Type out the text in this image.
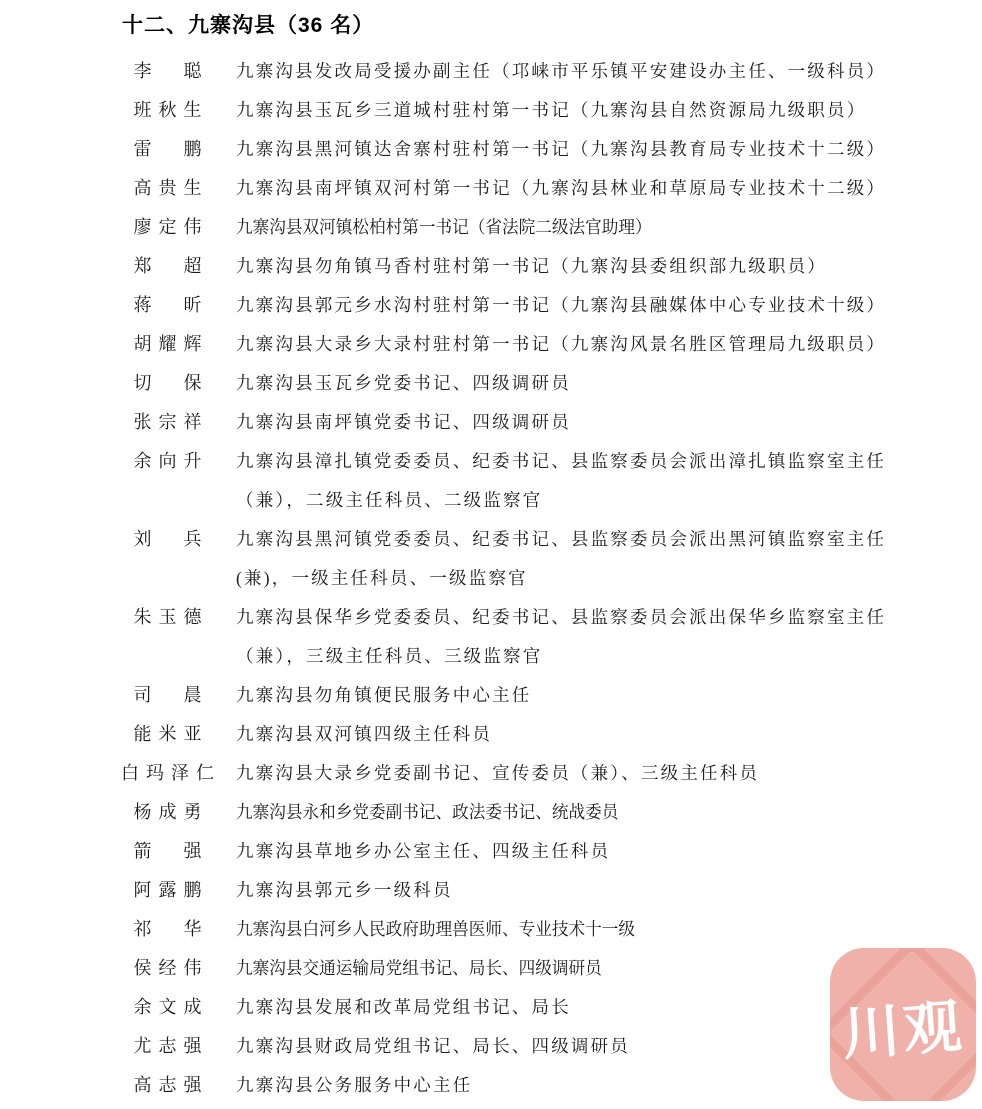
十二、九寨沟县（36 名）
李　聪	九寨沟县发改局受援办副主任（邛崃市平乐镇平安建设办主任、一级科员）
班秋生	九寨沟县玉瓦乡三道城村驻村第一书记（九寨沟县自然资源局九级职员）
雷　鹏	九寨沟县黑河镇达舍寨村驻村第一书记（九寨沟县教育局专业技术十二级）
高贵生	九寨沟县南坪镇双河村第一书记（九寨沟县林业和草原局专业技术十二级）
廖定伟	九寨沟县双河镇松柏村第一书记（省法院二级法官助理）
郑　超	九寨沟县勿角镇马香村驻村第一书记（九寨沟县委组织部九级职员）
蒋　昕	九寨沟县郭元乡水沟村驻村第一书记（九寨沟县融媒体中心专业技术十级）
胡耀辉	九寨沟县大录乡大录村驻村第一书记（九寨沟风景名胜区管理局九级职员）
切　保	九寨沟县玉瓦乡党委书记、四级调研员
张宗祥	九寨沟县南坪镇党委书记、四级调研员
余向升	九寨沟县漳扎镇党委委员、纪委书记、县监察委员会派出漳扎镇监察室主任
（兼），二级主任科员、二级监察官
刘　兵	九寨沟县黑河镇党委委员、纪委书记、县监察委员会派出黑河镇监察室主任
(兼)，一级主任科员、一级监察官
朱玉德	九寨沟县保华乡党委委员、纪委书记、县监察委员会派出保华乡监察室主任
（兼），三级主任科员、三级监察官
司　晨	九寨沟县勿角镇便民服务中心主任
能米亚	九寨沟县双河镇四级主任科员
白玛泽仁 九寨沟县大录乡党委副书记、宣传委员（兼）、三级主任科员
杨成勇	九寨沟县永和乡党委副书记、政法委书记、统战委员
箭　强	九寨沟县草地乡办公室主任、四级主任科员
阿露鹏	九寨沟县郭元乡一级科员
祁　华	九寨沟县白河乡人民政府助理兽医师、专业技术十一级
侯经伟	九寨沟县交通运输局党组书记、局长、四级调研员
余文成	九寨沟县发展和改革局党组书记、局长
尤志强	九寨沟县财政局党组书记、局长、四级调研员
高志强	九寨沟县公务服务中心主任
川观
